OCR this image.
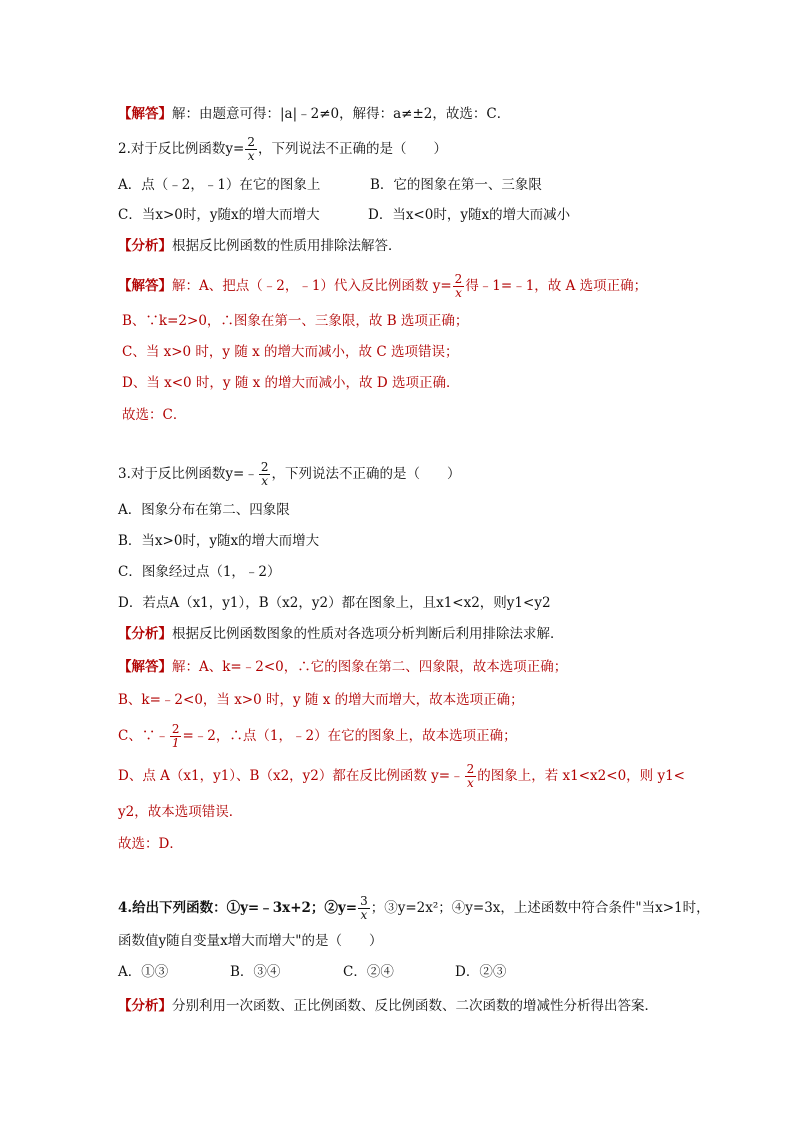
【解答】解：由题意可得：|a|﹣2≠0，解得：a≠±2，故选：C．
2.对于反比例函数$y= \frac{2}{x}$ ，下列说法不正确的是（　　）
A．点（﹣2，﹣1）在它的图象上	B．它的图象在第一、三象限
C．当x>0时，y随x的增大而增大	D．当x<0时，y随x的增大而减小
【分析】根据反比例函数的性质用排除法解答．
【解答】解：A、把点（﹣2，﹣1）代入反比例函数 $y= \frac{2}{x}$ 得﹣1=﹣1，故 A 选项正确；
B、∵k=2>0，∴图象在第一、三象限，故 B 选项正确；
C、当 x>0 时，y 随 x 的增大而减小，故 C 选项错误；
D、当 x<0 时，y 随 x 的增大而减小，故 D 选项正确．
故选：C．
3.对于反比例函数y=﹣ $\frac{2}{x}$ ，下列说法不正确的是（　　）
A．图象分布在第二、四象限
B．当x>0时，y随x的增大而增大
C．图象经过点（1，﹣2）
D．若点A（x1，y1），B（x2，y2）都在图象上，且x1<x2，则y1<y2
【分析】根据反比例函数图象的性质对各选项分析判断后利用排除法求解．
【解答】解：A、k=﹣2<0，∴它的图象在第二、四象限，故本选项正确；
B、k=﹣2<0，当 x>0 时，y 随 x 的增大而增大，故本选项正确；
C、∵﹣ $\frac{2}{1}$ =﹣2，∴点（1，﹣2）在它的图象上，故本选项正确；
D、点 A（x1，y1）、B（x2，y2）都在反比例函数 y=﹣ $\frac{2}{x}$ 的图象上，若 x1<x2<0，则 y1<
y2，故本选项错误．
故选：D．
4.给出下列函数：①y=﹣3x+2；②y= $\frac{3}{x}$ ；③y=2x²；④y=3x，上述函数中符合条件"当x>1时，
函数值y随自变量x增大而增大"的是（　　）
A．①③	B．③④	C．②④	D．②③
【分析】分别利用一次函数、正比例函数、反比例函数、二次函数的增减性分析得出答案．
